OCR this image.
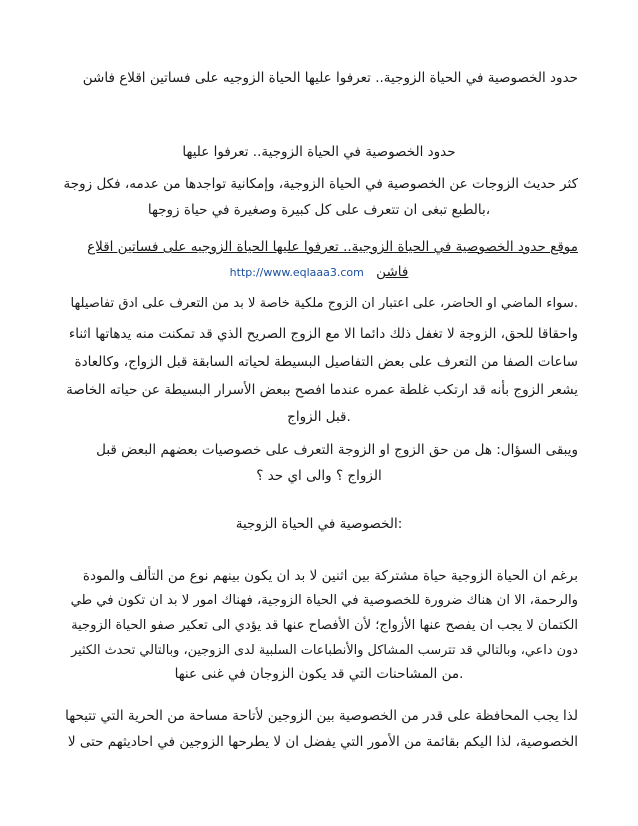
حدود الخصوصية في الحياة الزوجية.. تعرفوا عليها الحياة الزوجيه على فساتين اقلاع فاشن
حدود الخصوصية في الحياة الزوجية.. تعرفوا عليها
كثر حديث الزوجات عن الخصوصية في الحياة الزوجية، وإمكانية تواجدها من عدمه، فكل زوجة
،بالطبع تبغى ان تتعرف على كل كبيرة وصغيرة في حياة زوجها
موقع حدود الخصوصية في الحياة الزوجية.. تعرفوا عليها الحياة الزوجيه على فساتين اقلاع
فاشن http://www.eqlaaa3.com
.سواء الماضي او الحاضر، على اعتبار ان الزوج ملكية خاصة لا بد من التعرف على ادق تفاصيلها
واحقاقا للحق، الزوجة لا تغفل ذلك دائما الا مع الزوج الصريح الذي قد تمكنت منه يدهاتها اثناء
ساعات الصفا من التعرف على بعض التفاصيل البسيطة لحياته السابقة قبل الزواج، وكالعادة
يشعر الزوج بأنه قد ارتكب غلطة عمره عندما افصح ببعض الأسرار البسيطة عن حياته الخاصة
.قبل الزواج
ويبقى السؤال: هل من حق الزوج او الزوجة التعرف على خصوصيات بعضهم البعض قبل
الزواج ؟ والى اي حد ؟
:الخصوصية في الحياة الزوجية
برغم ان الحياة الزوجية حياة مشتركة بين اثنين لا بد ان يكون بينهم نوع من التألف والمودة
والرحمة، الا ان هناك ضرورة للخصوصية في الحياة الزوجية، فهناك امور لا بد ان تكون في طي
الكتمان لا يجب ان يفصح عنها الأزواج؛ لأن الأفصاح عنها قد يؤدي الى تعكير صفو الحياة الزوجية
دون داعي، وبالتالي قد تترسب المشاكل والأنطباعات السلبية لدى الزوجين، وبالتالي تحدث الكثير
.من المشاحنات التي قد يكون الزوجان في غنى عنها
لذا يجب المحافظة على قدر من الخصوصية بين الزوجين لأتاحة مساحة من الحرية التي تتيحها
الخصوصية، لذا اليكم بقائمة من الأمور التي يفضل ان لا يطرحها الزوجين في احاديثهم حتى لا
